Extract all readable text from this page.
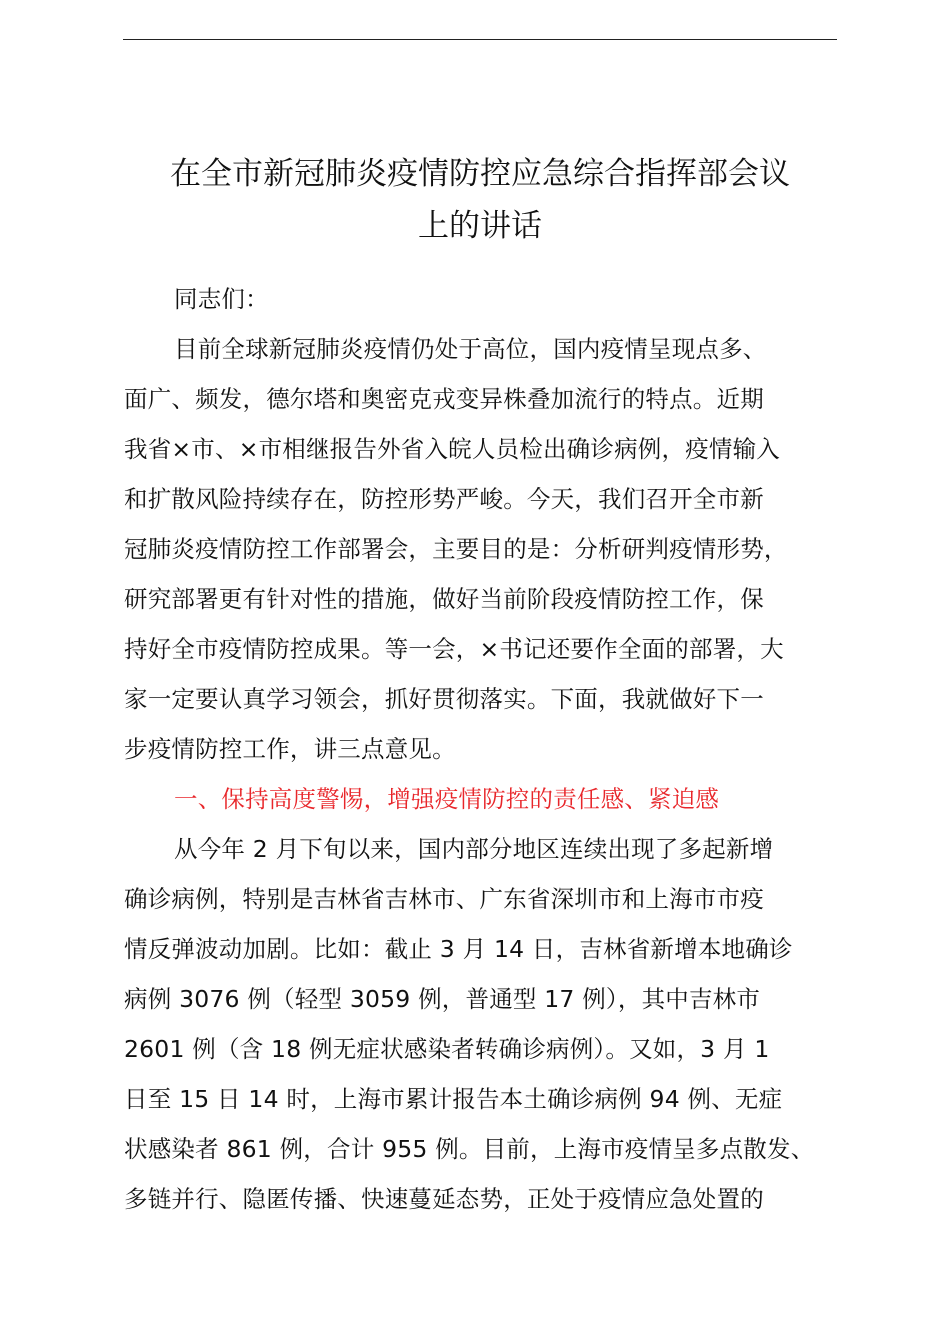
在全市新冠肺炎疫情防控应急综合指挥部会议
上的讲话
同志们：
目前全球新冠肺炎疫情仍处于高位，国内疫情呈现点多、
面广、频发，德尔塔和奥密克戎变异株叠加流行的特点。近期
我省×市、×市相继报告外省入皖人员检出确诊病例，疫情输入
和扩散风险持续存在，防控形势严峻。今天，我们召开全市新
冠肺炎疫情防控工作部署会，主要目的是：分析研判疫情形势，
研究部署更有针对性的措施，做好当前阶段疫情防控工作，保
持好全市疫情防控成果。等一会，×书记还要作全面的部署，大
家一定要认真学习领会，抓好贯彻落实。下面，我就做好下一
步疫情防控工作，讲三点意见。
一、保持高度警惕，增强疫情防控的责任感、紧迫感
从今年 2 月下旬以来，国内部分地区连续出现了多起新增
确诊病例，特别是吉林省吉林市、广东省深圳市和上海市市疫
情反弹波动加剧。比如：截止 3 月 14 日，吉林省新增本地确诊
病例 3076 例（轻型 3059 例，普通型 17 例），其中吉林市
2601 例（含 18 例无症状感染者转确诊病例）。又如，3 月 1
日至 15 日 14 时，上海市累计报告本土确诊病例 94 例、无症
状感染者 861 例，合计 955 例。目前，上海市疫情呈多点散发、
多链并行、隐匿传播、快速蔓延态势，正处于疫情应急处置的
